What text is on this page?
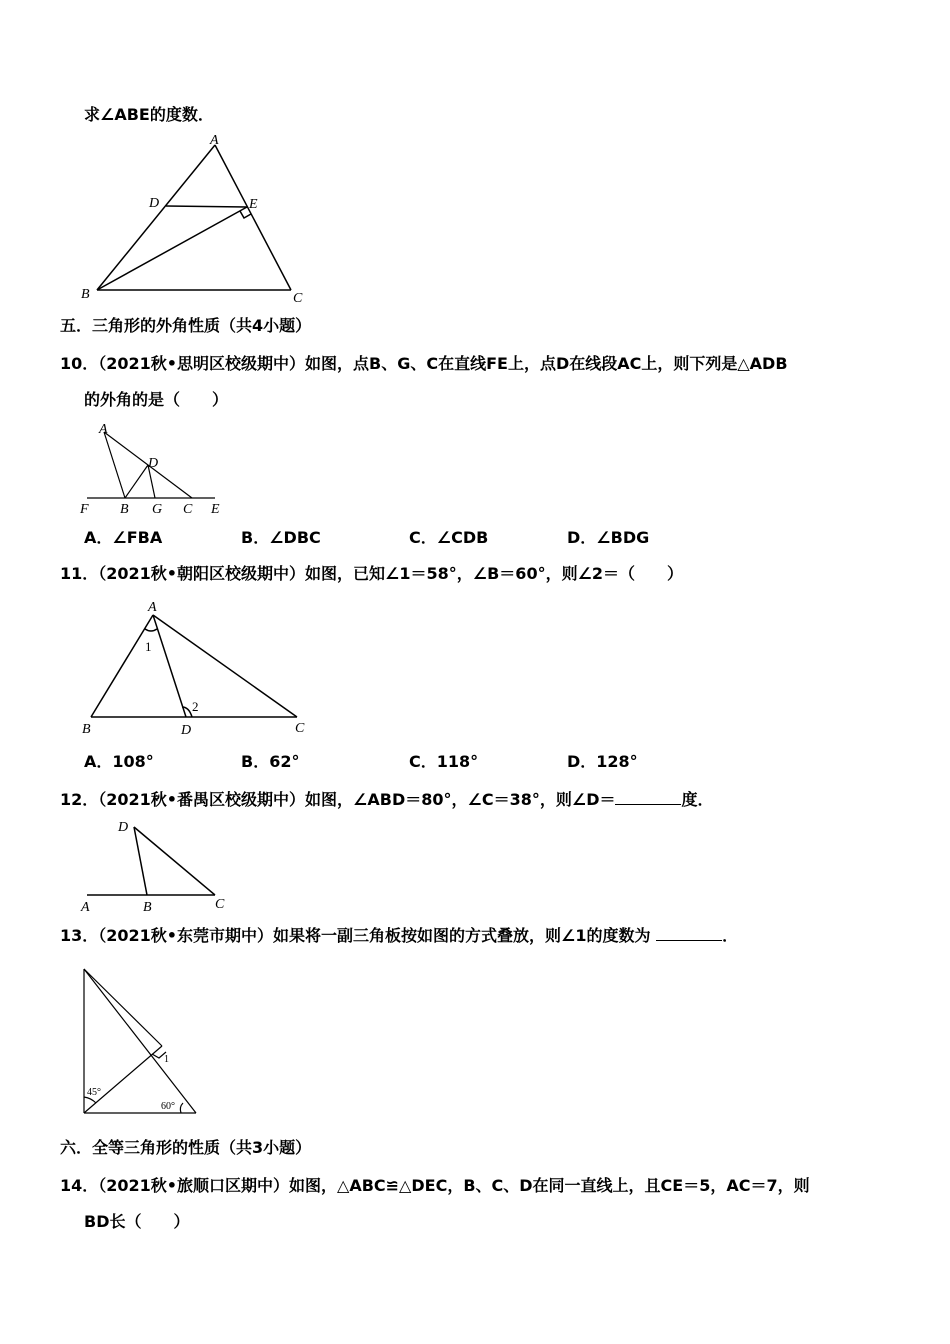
求∠ABE的度数．
A
D	E
B	C
五．三角形的外角性质（共4小题）
10．（2021秋•思明区校级期中）如图，点B、G、C在直线FE上，点D在线段AC上，则下列是△ADB
的外角的是（　　）
A
D
F B G C E
A．∠FBA	B．∠DBC	C．∠CDB	D．∠BDG
11．（2021秋•朝阳区校级期中）如图，已知∠1＝58°，∠B＝60°，则∠2＝（　　）
A
1
2
B	D	C
A．108°	B．62°	C．118°	D．128°
12．（2021秋•番禺区校级期中）如图，∠ABD＝80°，∠C＝38°，则∠D＝	度．
D
A	B	C
13．（2021秋•东莞市期中）如果将一副三角板按如图的方式叠放，则∠1的度数为	．
45°
60°
1
六．全等三角形的性质（共3小题）
14．（2021秋•旅顺口区期中）如图，△ABC≌△DEC，B、C、D在同一直线上，且CE＝5，AC＝7，则
BD长（　　）
